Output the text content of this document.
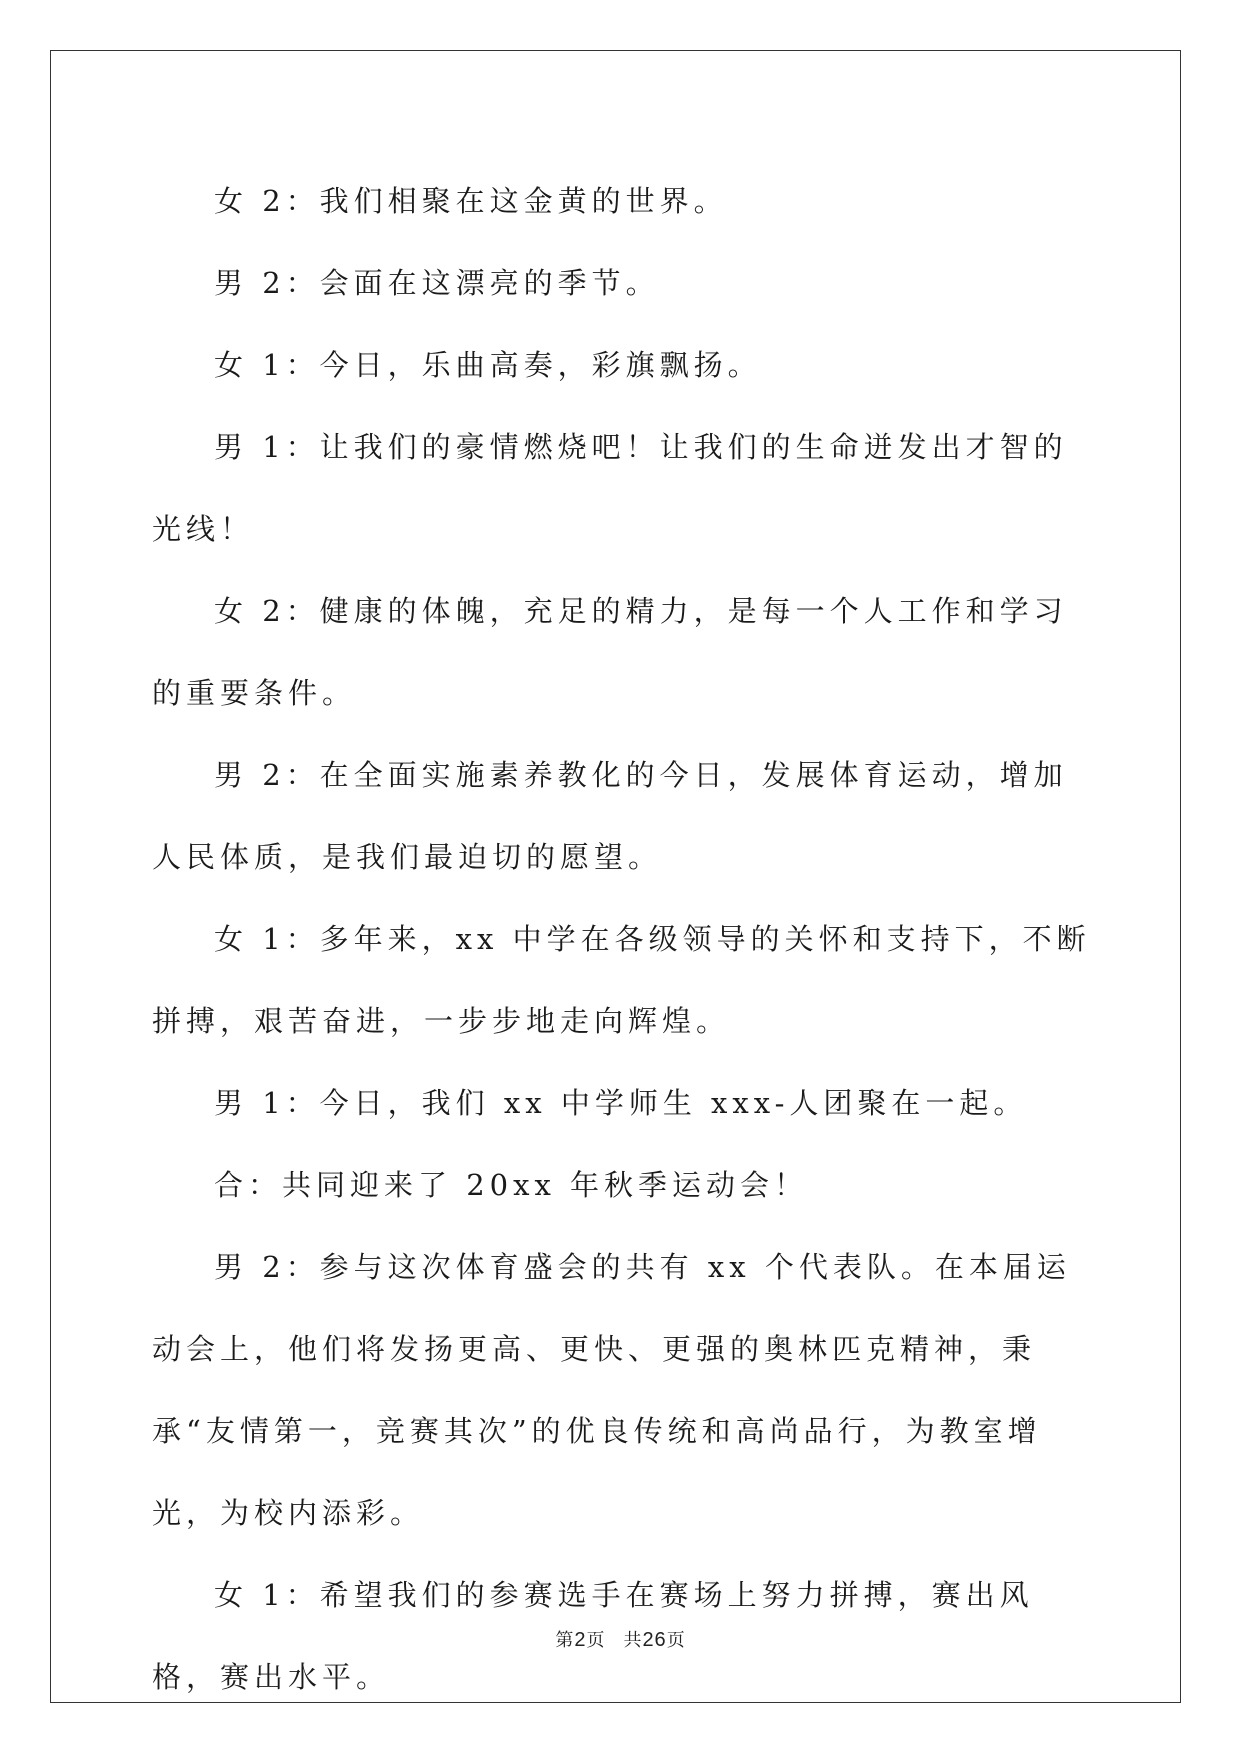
女 2：我们相聚在这金黄的世界。

男 2：会面在这漂亮的季节。

女 1：今日，乐曲高奏，彩旗飘扬。

男 1：让我们的豪情燃烧吧！让我们的生命迸发出才智的光线！

女 2：健康的体魄，充足的精力，是每一个人工作和学习的重要条件。

男 2：在全面实施素养教化的今日，发展体育运动，增加人民体质，是我们最迫切的愿望。

女 1：多年来，xx 中学在各级领导的关怀和支持下，不断拼搏，艰苦奋进，一步步地走向辉煌。

男 1：今日，我们 xx 中学师生 xxx-人团聚在一起。

合：共同迎来了 20xx 年秋季运动会！

男 2：参与这次体育盛会的共有 xx 个代表队。在本届运动会上，他们将发扬更高、更快、更强的奥林匹克精神，秉承“友情第一，竞赛其次”的优良传统和高尚品行，为教室增光，为校内添彩。

女 1：希望我们的参赛选手在赛场上努力拼搏，赛出风格，赛出水平。

第2页 共26页
